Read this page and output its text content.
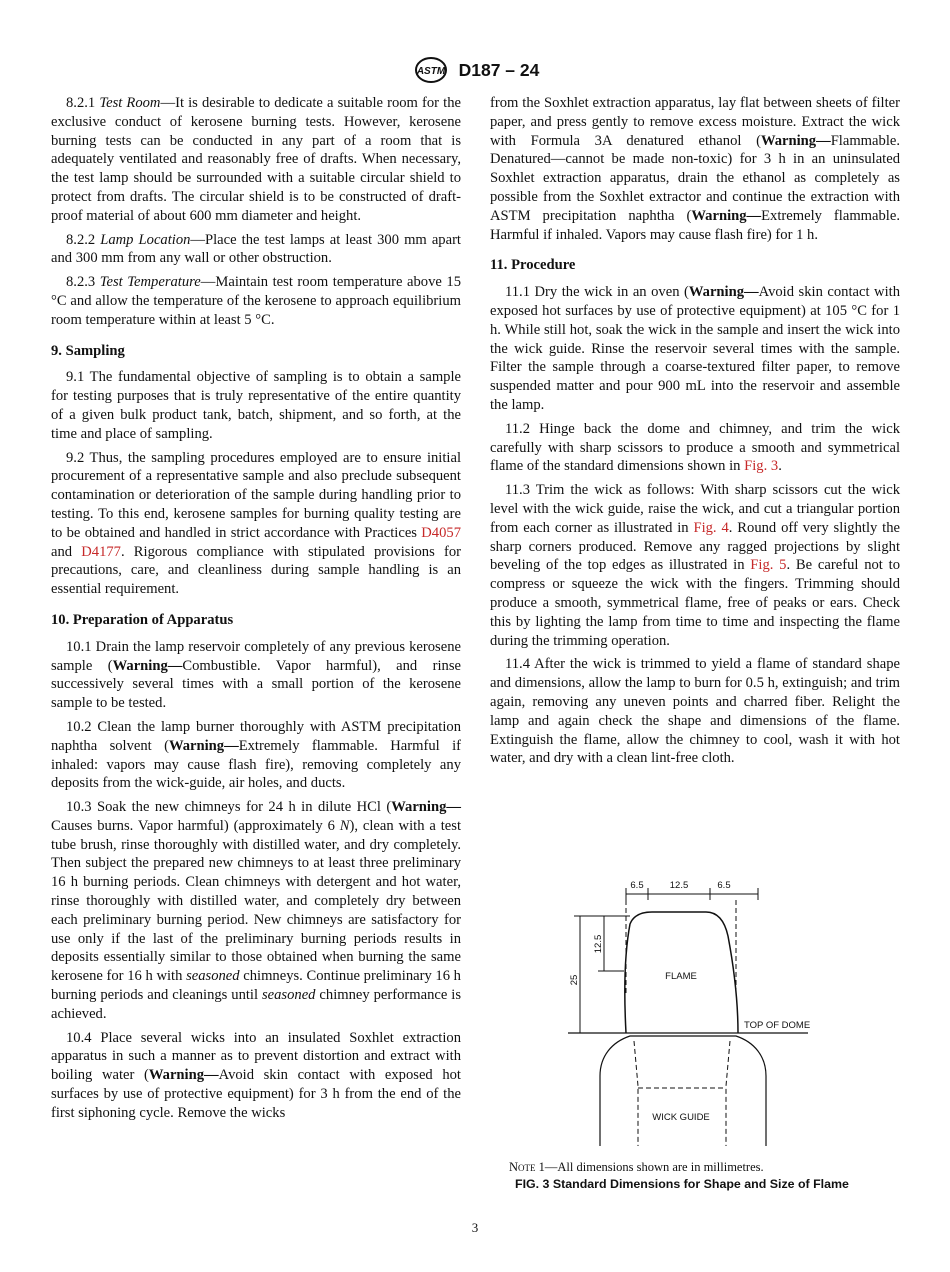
ASTM D187 – 24

8.2.1 Test Room—It is desirable to dedicate a suitable room for the exclusive conduct of kerosene burning tests. However, kerosene burning tests can be conducted in any part of a room that is adequately ventilated and reasonably free of drafts. When necessary, the test lamp should be surrounded with a suitable circular shield to protect from drafts. The circular shield is to be constructed of draft-proof material of about 600 mm diameter and height.

8.2.2 Lamp Location—Place the test lamps at least 300 mm apart and 300 mm from any wall or other obstruction.

8.2.3 Test Temperature—Maintain test room temperature above 15 °C and allow the temperature of the kerosene to approach equilibrium room temperature within at least 5 °C.

9. Sampling

9.1 The fundamental objective of sampling is to obtain a sample for testing purposes that is truly representative of the entire quantity of a given bulk product tank, batch, shipment, and so forth, at the time and place of sampling.

9.2 Thus, the sampling procedures employed are to ensure initial procurement of a representative sample and also preclude subsequent contamination or deterioration of the sample during handling prior to testing. To this end, kerosene samples for burning quality testing are to be obtained and handled in strict accordance with Practices D4057 and D4177. Rigorous compliance with stipulated provisions for precautions, care, and cleanliness during sample handling is an essential requirement.

10. Preparation of Apparatus

10.1 Drain the lamp reservoir completely of any previous kerosene sample (Warning—Combustible. Vapor harmful), and rinse successively several times with a small portion of the kerosene sample to be tested.

10.2 Clean the lamp burner thoroughly with ASTM precipitation naphtha solvent (Warning—Extremely flammable. Harmful if inhaled: vapors may cause flash fire), removing completely any deposits from the wick-guide, air holes, and ducts.

10.3 Soak the new chimneys for 24 h in dilute HCl (Warning—Causes burns. Vapor harmful) (approximately 6 N), clean with a test tube brush, rinse thoroughly with distilled water, and dry completely. Then subject the prepared new chimneys to at least three preliminary 16 h burning periods. Clean chimneys with detergent and hot water, rinse thoroughly with distilled water, and completely dry between each preliminary burning period. New chimneys are satisfactory for use only if the last of the preliminary burning periods results in deposits essentially similar to those obtained when burning the same kerosene for 16 h with seasoned chimneys. Continue preliminary 16 h burning periods and cleanings until seasoned chimney performance is achieved.

10.4 Place several wicks into an insulated Soxhlet extraction apparatus in such a manner as to prevent distortion and extract with boiling water (Warning—Avoid skin contact with exposed hot surfaces by use of protective equipment) for 3 h from the end of the first siphoning cycle. Remove the wicks

from the Soxhlet extraction apparatus, lay flat between sheets of filter paper, and press gently to remove excess moisture. Extract the wick with Formula 3A denatured ethanol (Warning—Flammable. Denatured—cannot be made non-toxic) for 3 h in an uninsulated Soxhlet extraction apparatus, drain the ethanol as completely as possible from the Soxhlet extractor and continue the extraction with ASTM precipitation naphtha (Warning—Extremely flammable. Harmful if inhaled. Vapors may cause flash fire) for 1 h.

11. Procedure

11.1 Dry the wick in an oven (Warning—Avoid skin contact with exposed hot surfaces by use of protective equipment) at 105 °C for 1 h. While still hot, soak the wick in the sample and insert the wick into the wick guide. Rinse the reservoir several times with the sample. Filter the sample through a coarse-textured filter paper, to remove suspended matter and pour 900 mL into the reservoir and assemble the lamp.

11.2 Hinge back the dome and chimney, and trim the wick carefully with sharp scissors to produce a smooth and symmetrical flame of the standard dimensions shown in Fig. 3.

11.3 Trim the wick as follows: With sharp scissors cut the wick level with the wick guide, raise the wick, and cut a triangular portion from each corner as illustrated in Fig. 4. Round off very slightly the sharp corners produced. Remove any ragged projections by slight beveling of the top edges as illustrated in Fig. 5. Be careful not to compress or squeeze the wick with the fingers. Trimming should produce a smooth, symmetrical flame, free of peaks or ears. Check this by lighting the lamp from time to time and inspecting the flame during the trimming operation.

11.4 After the wick is trimmed to yield a flame of standard shape and dimensions, allow the lamp to burn for 0.5 h, extinguish; and trim again, removing any uneven points and charred fiber. Relight the lamp and again check the shape and dimensions of the flame. Extinguish the flame, allow the chimney to cool, wash it with hot water, and dry with a clean lint-free cloth.

6.5	12.5	6.5
25
12.5
FLAME
TOP OF DOME
WICK GUIDE
Note 1—All dimensions shown are in millimetres.
FIG. 3 Standard Dimensions for Shape and Size of Flame
3
